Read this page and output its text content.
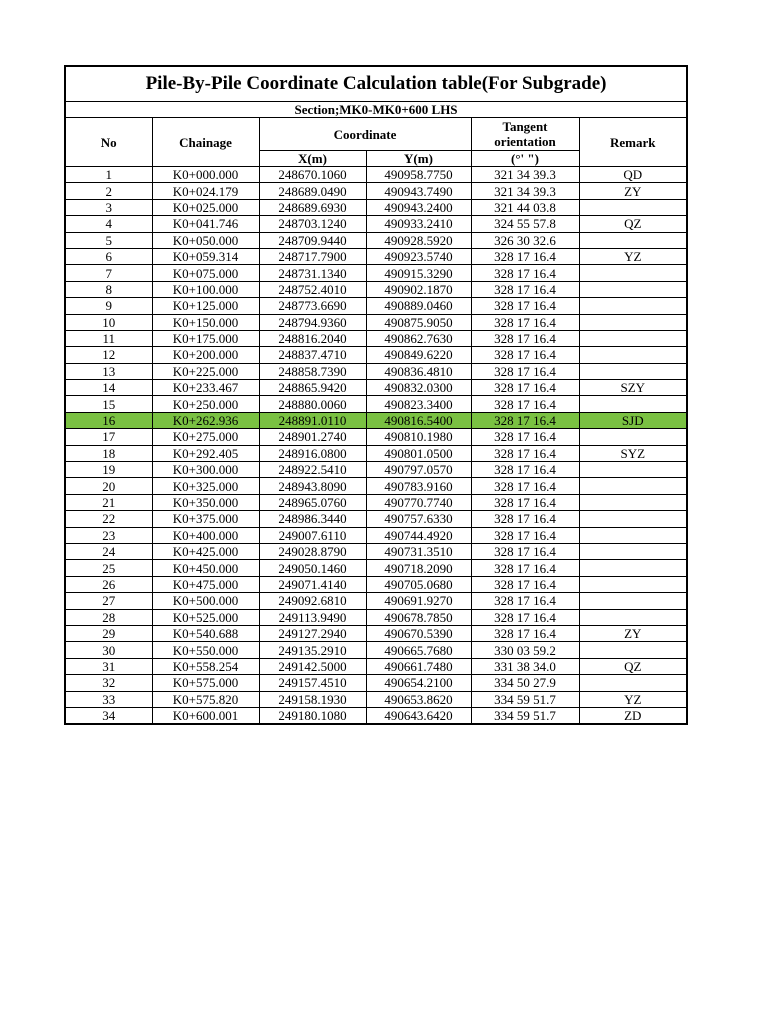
Pile-By-Pile Coordinate Calculation table(For Subgrade)					
Section;MK0-MK0+600 LHS					
No	Chainage	Coordinate		Tangent
orientation	Remark
		X(m)	Y(m)	(°' ")	
1	K0+000.000	248670.1060	490958.7750	321 34 39.3	QD
2	K0+024.179	248689.0490	490943.7490	321 34 39.3	ZY
3	K0+025.000	248689.6930	490943.2400	321 44 03.8	
4	K0+041.746	248703.1240	490933.2410	324 55 57.8	QZ
5	K0+050.000	248709.9440	490928.5920	326 30 32.6	
6	K0+059.314	248717.7900	490923.5740	328 17 16.4	YZ
7	K0+075.000	248731.1340	490915.3290	328 17 16.4	
8	K0+100.000	248752.4010	490902.1870	328 17 16.4	
9	K0+125.000	248773.6690	490889.0460	328 17 16.4	
10	K0+150.000	248794.9360	490875.9050	328 17 16.4	
11	K0+175.000	248816.2040	490862.7630	328 17 16.4	
12	K0+200.000	248837.4710	490849.6220	328 17 16.4	
13	K0+225.000	248858.7390	490836.4810	328 17 16.4	
14	K0+233.467	248865.9420	490832.0300	328 17 16.4	SZY
15	K0+250.000	248880.0060	490823.3400	328 17 16.4	
16	K0+262.936	248891.0110	490816.5400	328 17 16.4	SJD
17	K0+275.000	248901.2740	490810.1980	328 17 16.4	
18	K0+292.405	248916.0800	490801.0500	328 17 16.4	SYZ
19	K0+300.000	248922.5410	490797.0570	328 17 16.4	
20	K0+325.000	248943.8090	490783.9160	328 17 16.4	
21	K0+350.000	248965.0760	490770.7740	328 17 16.4	
22	K0+375.000	248986.3440	490757.6330	328 17 16.4	
23	K0+400.000	249007.6110	490744.4920	328 17 16.4	
24	K0+425.000	249028.8790	490731.3510	328 17 16.4	
25	K0+450.000	249050.1460	490718.2090	328 17 16.4	
26	K0+475.000	249071.4140	490705.0680	328 17 16.4	
27	K0+500.000	249092.6810	490691.9270	328 17 16.4	
28	K0+525.000	249113.9490	490678.7850	328 17 16.4	
29	K0+540.688	249127.2940	490670.5390	328 17 16.4	ZY
30	K0+550.000	249135.2910	490665.7680	330 03 59.2	
31	K0+558.254	249142.5000	490661.7480	331 38 34.0	QZ
32	K0+575.000	249157.4510	490654.2100	334 50 27.9	
33	K0+575.820	249158.1930	490653.8620	334 59 51.7	YZ
34	K0+600.001	249180.1080	490643.6420	334 59 51.7	ZD
